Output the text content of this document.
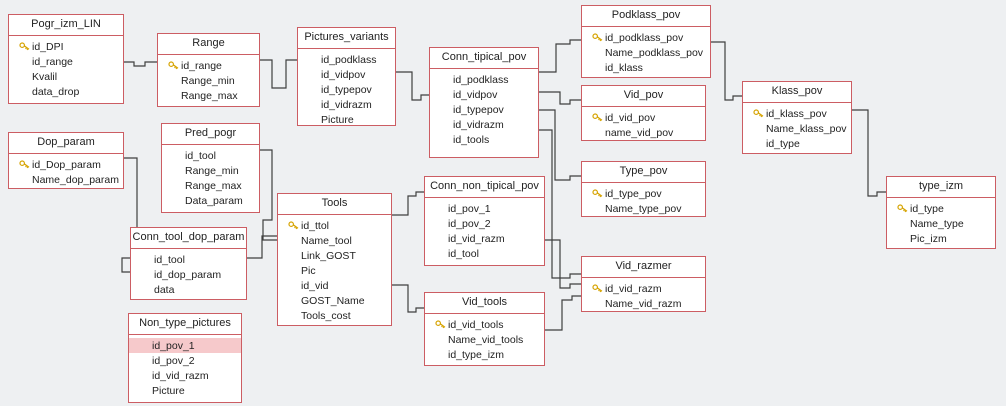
Pogr_izm_LIN
id_DPI
id_range
Kvalil
data_drop
Range
id_range
Range_min
Range_max
Pictures_variants
id_podklass
id_vidpov
id_typepov
id_vidrazm
Picture
Conn_tipical_pov
id_podklass
id_vidpov
id_typepov
id_vidrazm
id_tools
Podklass_pov
id_podklass_pov
Name_podklass_pov
id_klass
Vid_pov
id_vid_pov
name_vid_pov
Klass_pov
id_klass_pov
Name_klass_pov
id_type
type_izm
id_type
Name_type
Pic_izm
Type_pov
id_type_pov
Name_type_pov
Vid_razmer
id_vid_razm
Name_vid_razm
Dop_param
id_Dop_param
Name_dop_param
Pred_pogr
id_tool
Range_min
Range_max
Data_param	Tools
id_ttol
Name_tool
Link_GOST
Pic
id_vid
GOST_Name
Tools_cost
Conn_non_tipical_pov
id_pov_1
id_pov_2
id_vid_razm
id_tool
Vid_tools
id_vid_tools
Name_vid_tools
id_type_izm
Conn_tool_dop_param
id_tool
id_dop_param
data
Non_type_pictures
id_pov_1
id_pov_2
id_vid_razm
Picture
